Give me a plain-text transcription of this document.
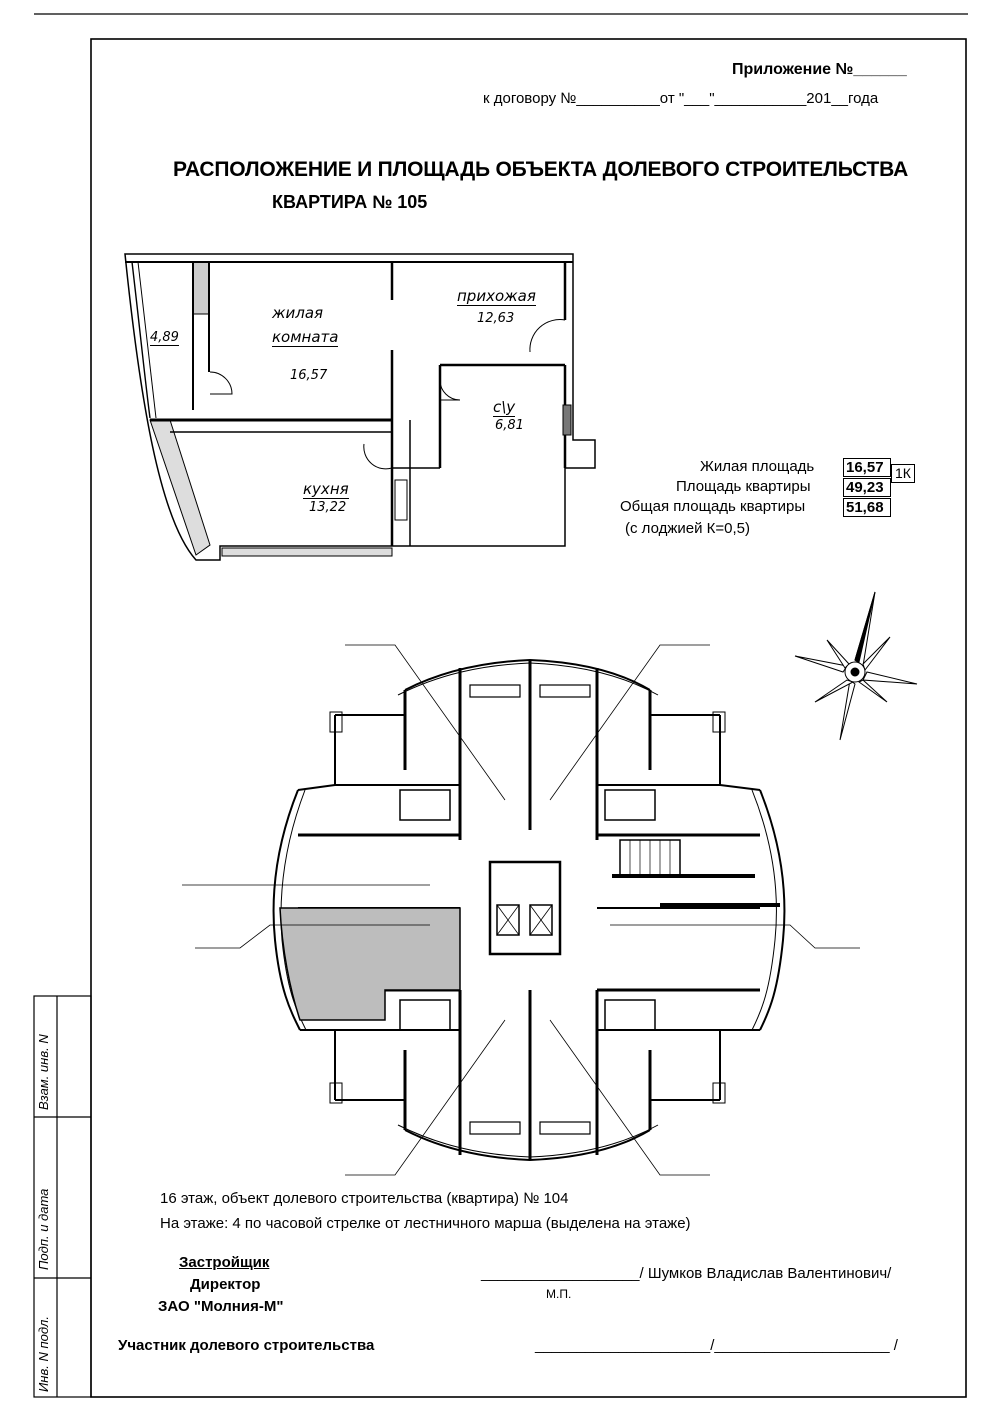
Приложение №______
к договору №__________от "___"___________201__года
РАСПОЛОЖЕНИЕ И ПЛОЩАДЬ ОБЪЕКТА ДОЛЕВОГО СТРОИТЕЛЬСТВА
КВАРТИРА № 105
4,89
жилая
комната
16,57
прихожая
12,63
с\у
6,81
кухня
13,22
Жилая площадь 16,57 1К
Площадь квартиры 49,23
Общая площадь квартиры	51,68
(с лоджией К=0,5)
16 этаж, объект долевого строительства (квартира) № 104
На этаже: 4 по часовой стрелке от лестничного марша (выделена на этаже)
Застройщик
Директор
ЗАО "Молния-М"
___________________/ Шумков Владислав Валентинович/
М.П.
Участник долевого строительства	_____________________/_____________________ /
Взам. инв. N
Подп. и дата
Инв. N подл.
